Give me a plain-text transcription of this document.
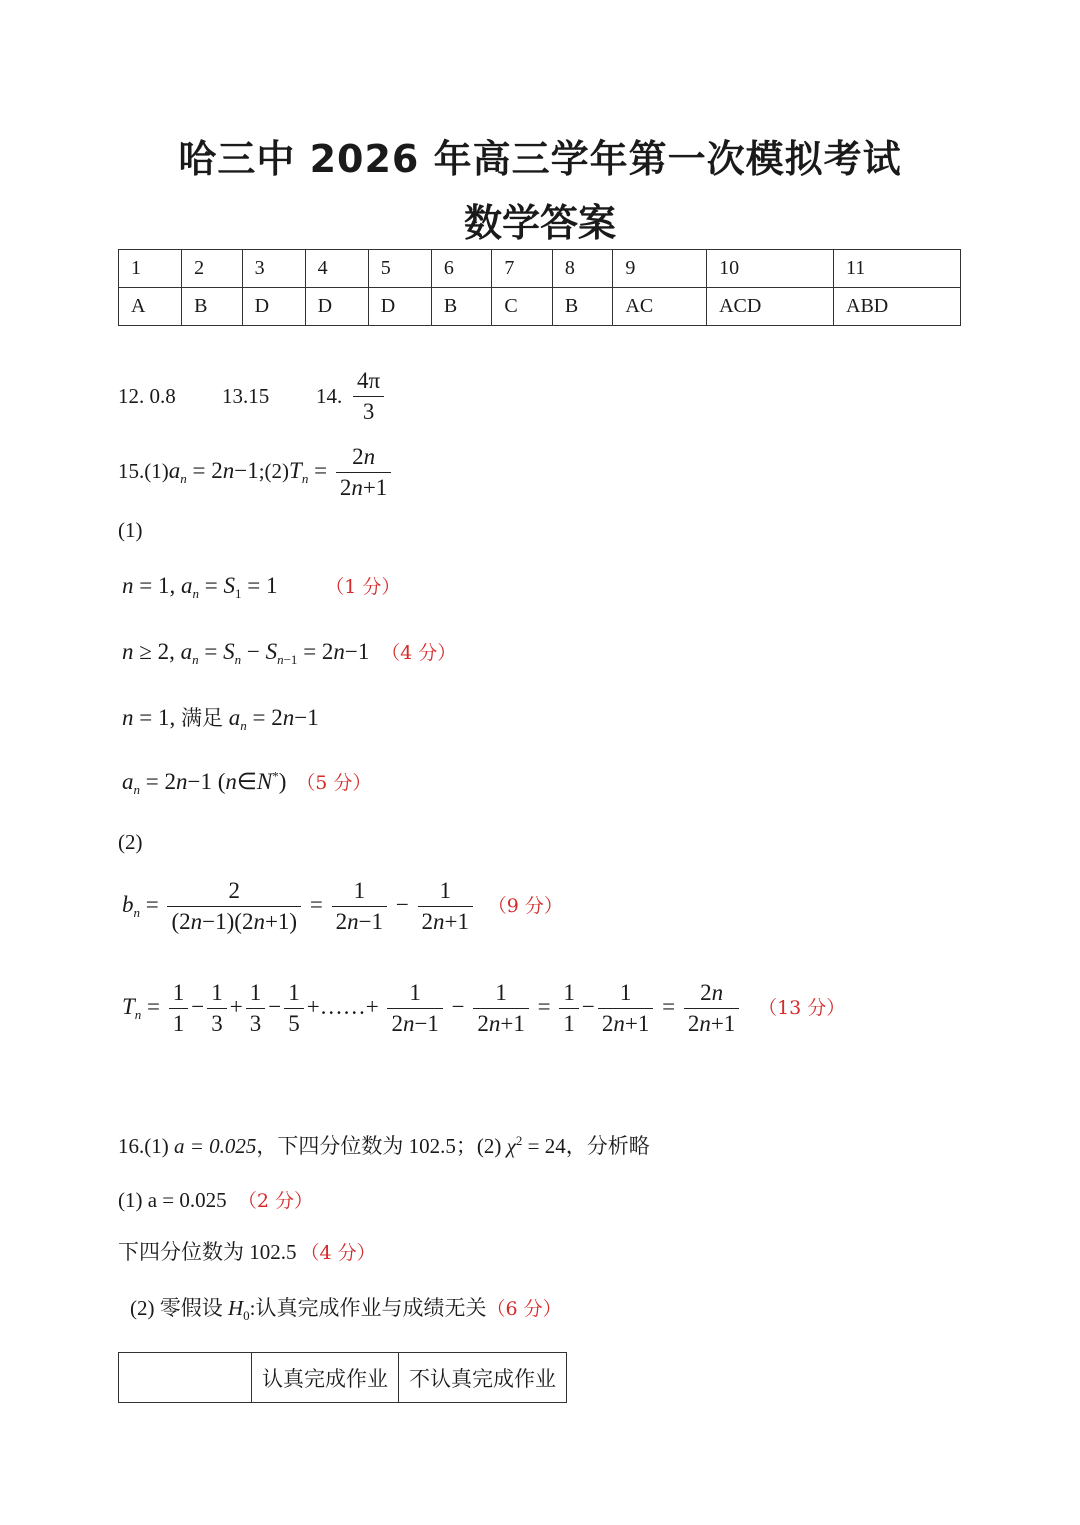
哈三中 2026 年高三学年第一次模拟考试
数学答案
1	2	3	4	5	6	7	8	9	10	11
A	B	D	D	D	B	C	B	AC	ACD	ABD
12. 0.8 13.15 14. $\frac{4\pi}{3}$
$15.(1)a_n$ = $2n-1;(2)T_n = \frac{2n}{2n+1}$
(1)
n = 1, $a_n = S_1 = 1$ （1 分）
n ≥ 2, $a_n = S_n - S_{n-1} = 2n-1$ （4 分）
n = 1, 满足 $a_n = 2n-1$
$a_n = 2n-1$ (n∈N*) （5 分）
(2)
$b_n = \frac{2}{(2n-1)(2n+1)} = \frac{1}{2n-1} - \frac{1}{2n+1} (9$ 分）
$T_n = \frac{1}{1} - \frac{1}{3} + \frac{1}{3} - \frac{1}{5}$ +……+ $\frac{1}{2n-1} - \frac{1}{2n+1} = \frac{1}{1} - \frac{1}{2n+1} = \frac{2n}{2n+1} (13$ 分）
16.(1) a = 0.025，下四分位数为 102.5；(2) $\chi^2 = 24$，分析略
(1) a = 0.025 （2 分）
下四分位数为 102.5 （4 分）
(2) 零假设 $H_0$:认真完成作业与成绩无关（6 分）
	认真完成作业	不认真完成作业
